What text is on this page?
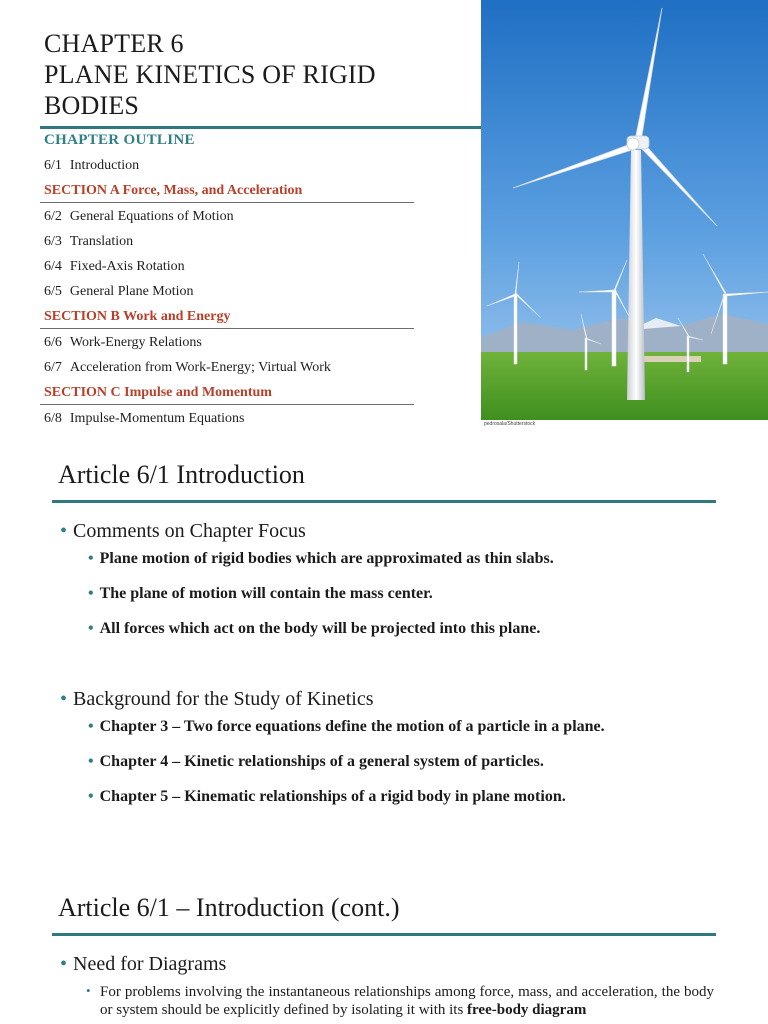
CHAPTER 6
PLANE KINETICS OF RIGID
BODIES
CHAPTER OUTLINE
6/1 Introduction
SECTION A Force, Mass, and Acceleration
6/2 General Equations of Motion
6/3 Translation
6/4 Fixed-Axis Rotation
6/5 General Plane Motion
SECTION B Work and Energy
6/6 Work-Energy Relations
6/7 Acceleration from Work-Energy; Virtual Work
SECTION C Impulse and Momentum
6/8 Impulse-Momentum Equations	pedrosala/Shutterstock
Article 6/1 Introduction
• Comments on Chapter Focus
• Plane motion of rigid bodies which are approximated as thin slabs.
• The plane of motion will contain the mass center.
• All forces which act on the body will be projected into this plane.
• Background for the Study of Kinetics
• Chapter 3 – Two force equations define the motion of a particle in a plane.
• Chapter 4 – Kinetic relationships of a general system of particles.
• Chapter 5 – Kinematic relationships of a rigid body in plane motion.
Article 6/1 – Introduction (cont.)
• Need for Diagrams
• For problems involving the instantaneous relationships among force, mass, and acceleration, the body or system should be explicitly defined by isolating it with its free-body diagram
